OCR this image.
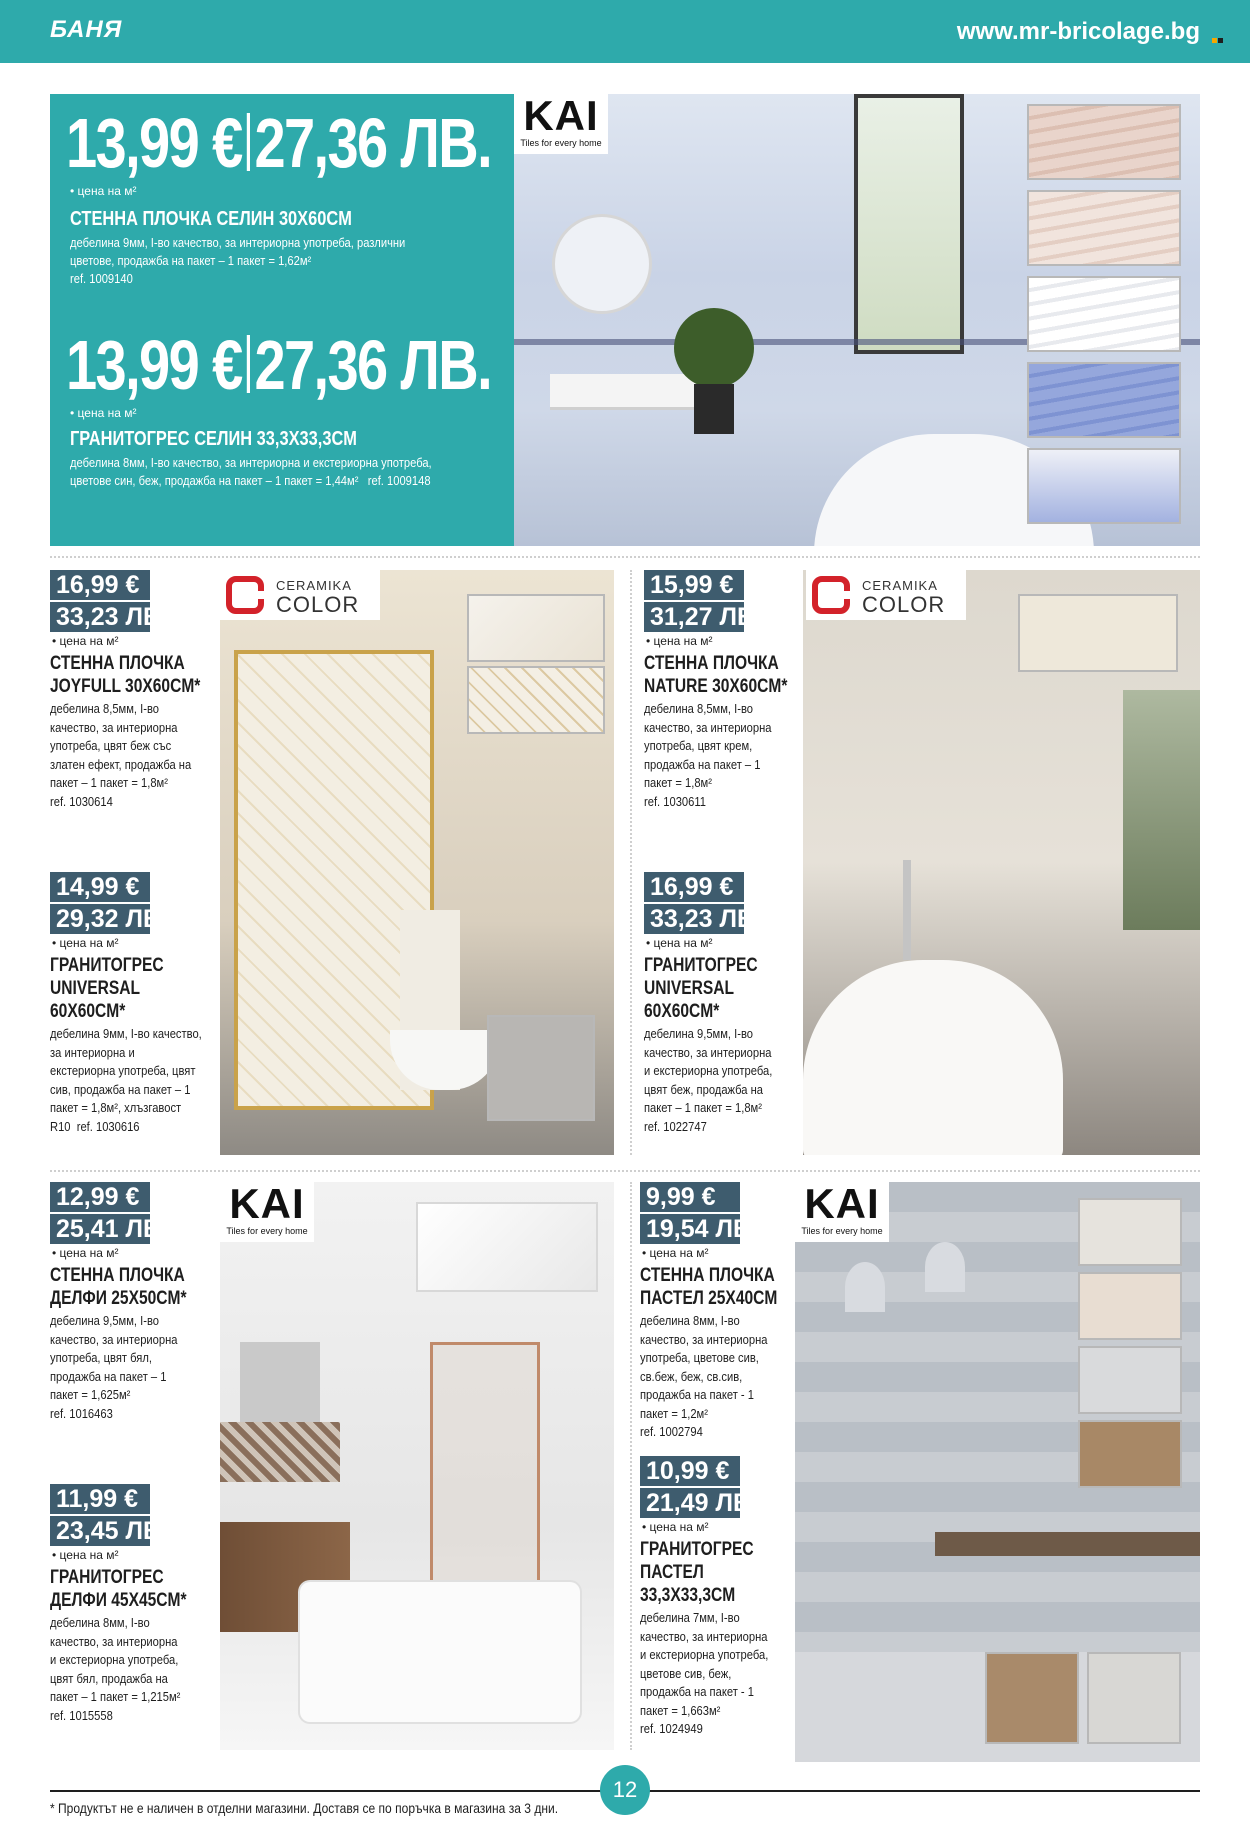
БАНЯ	www.mr-bricolage.bg
13,99 € 27,36 ЛВ.
• цена на м²
СТЕННА ПЛОЧКА СЕЛИН 30X60CM
дебелина 9мм, I-во качество, за интериорна употреба, различни цветове, продажба на пакет – 1 пакет = 1,62м²
ref. 1009140
13,99 € 27,36 ЛВ.
• цена на м²
ГРАНИТОГРЕС СЕЛИН 33,3X33,3CM
дебелина 8мм, I-во качество, за интериорна и екстериорна употреба, цветове син, беж, продажба на пакет – 1 пакет = 1,44м² ref. 1009148
KAI
Tiles for every home
16,99 €
33,23 ЛВ.
• цена на м²
СТЕННА ПЛОЧКА JOYFULL 30X60CM*
дебелина 8,5мм, I-во качество, за интериорна употреба, цвят беж със златен ефект, продажба на пакет – 1 пакет = 1,8м²
ref. 1030614
14,99 €
29,32 ЛВ.
• цена на м²
ГРАНИТОГРЕС UNIVERSAL 60X60CM*
дебелина 9мм, I-во качество, за интериорна и екстериорна употреба, цвят сив, продажба на пакет – 1 пакет = 1,8м², хлъзгавост R10 ref. 1030616
CERAMIKA
COLOR
15,99 €
31,27 ЛВ.
• цена на м²
СТЕННА ПЛОЧКА NATURE 30X60CM*
дебелина 8,5мм, I-во качество, за интериорна употреба, цвят крем, продажба на пакет – 1 пакет = 1,8м²
ref. 1030611
16,99 €
33,23 ЛВ.
• цена на м²
ГРАНИТОГРЕС UNIVERSAL 60X60CM*
дебелина 9,5мм, I-во качество, за интериорна и екстериорна употреба, цвят беж, продажба на пакет – 1 пакет = 1,8м²
ref. 1022747
CERAMIKA
COLOR
12,99 €
25,41 ЛВ.
• цена на м²
СТЕННА ПЛОЧКА ДЕЛФИ 25X50CM*
дебелина 9,5мм, I-во качество, за интериорна употреба, цвят бял, продажба на пакет – 1 пакет = 1,625м²
ref. 1016463
11,99 €
23,45 ЛВ.
• цена на м²
ГРАНИТОГРЕС ДЕЛФИ 45X45CM*
дебелина 8мм, I-во качество, за интериорна и екстериорна употреба, цвят бял, продажба на пакет – 1 пакет = 1,215м²
ref. 1015558
KAI
Tiles for every home
9,99 €
19,54 ЛВ.
• цена на м²
СТЕННА ПЛОЧКА ПАСТЕЛ 25X40CM
дебелина 8мм, I-во качество, за интериорна употреба, цветове сив, св.беж, беж, св.сив, продажба на пакет - 1 пакет = 1,2м²
ref. 1002794
10,99 €
21,49 ЛВ.
• цена на м²
ГРАНИТОГРЕС ПАСТЕЛ 33,3X33,3CM
дебелина 7мм, I-во качество, за интериорна и екстериорна употреба, цветове сив, беж, продажба на пакет - 1 пакет = 1,663м²
ref. 1024949
KAI
Tiles for every home
* Продуктът не е наличен в отделни магазини. Доставя се по поръчка в магазина за 3 дни.
12
